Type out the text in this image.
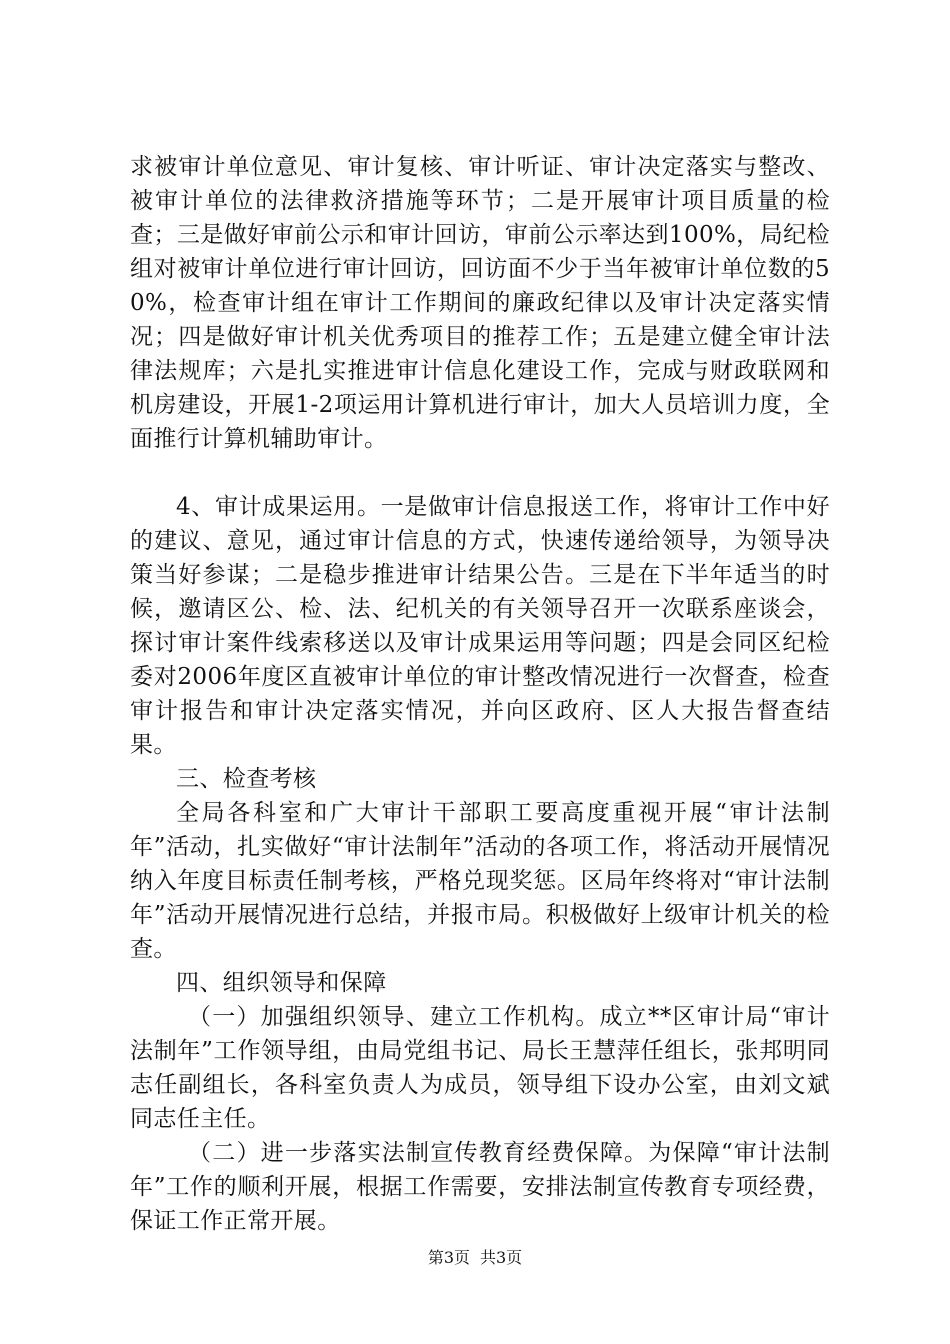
求被审计单位意见、审计复核、审计听证、审计决定落实与整改、被审计单位的法律救济措施等环节；二是开展审计项目质量的检查；三是做好审前公示和审计回访，审前公示率达到100%，局纪检组对被审计单位进行审计回访，回访面不少于当年被审计单位数的50%，检查审计组在审计工作期间的廉政纪律以及审计决定落实情况；四是做好审计机关优秀项目的推荐工作；五是建立健全审计法律法规库；六是扎实推进审计信息化建设工作，完成与财政联网和机房建设，开展1-2项运用计算机进行审计，加大人员培训力度，全面推行计算机辅助审计。

4、审计成果运用。一是做审计信息报送工作，将审计工作中好的建议、意见，通过审计信息的方式，快速传递给领导，为领导决策当好参谋；二是稳步推进审计结果公告。三是在下半年适当的时候，邀请区公、检、法、纪机关的有关领导召开一次联系座谈会，探讨审计案件线索移送以及审计成果运用等问题；四是会同区纪检委对2006年度区直被审计单位的审计整改情况进行一次督查，检查审计报告和审计决定落实情况，并向区政府、区人大报告督查结果。

三、检查考核

全局各科室和广大审计干部职工要高度重视开展“审计法制年”活动，扎实做好“审计法制年”活动的各项工作，将活动开展情况纳入年度目标责任制考核，严格兑现奖惩。区局年终将对“审计法制年”活动开展情况进行总结，并报市局。积极做好上级审计机关的检查。

四、组织领导和保障

（一）加强组织领导、建立工作机构。成立**区审计局“审计法制年”工作领导组，由局党组书记、局长王慧萍任组长，张邦明同志任副组长，各科室负责人为成员，领导组下设办公室，由刘文斌同志任主任。

（二）进一步落实法制宣传教育经费保障。为保障“审计法制年”工作的顺利开展，根据工作需要，安排法制宣传教育专项经费，保证工作正常开展。

第3页 共3页
